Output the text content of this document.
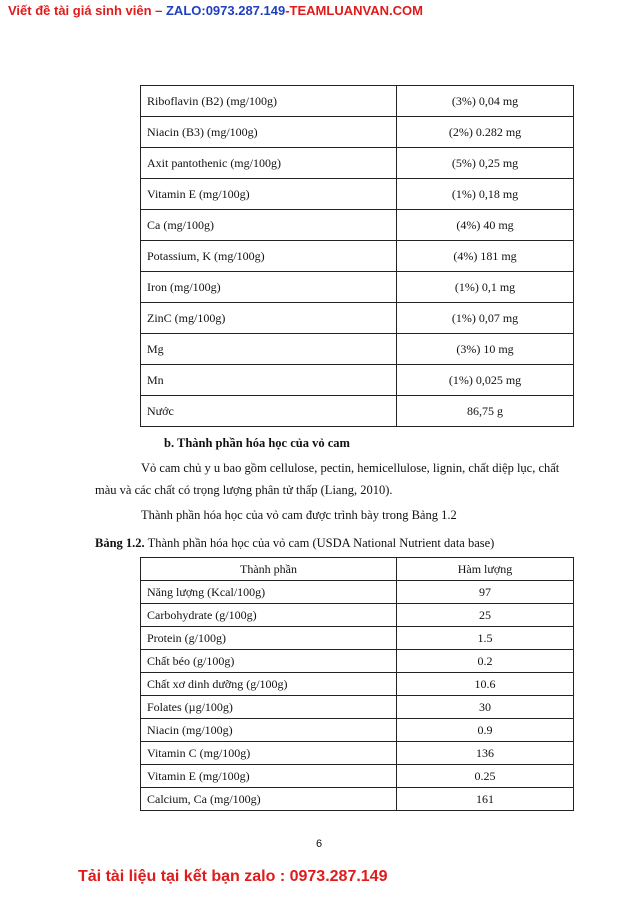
Viết đề tài giá sinh viên – ZALO:0973.287.149-TEAMLUANVAN.COM
Riboflavin (B2) (mg/100g)	(3%) 0,04 mg
Niacin (B3) (mg/100g)	(2%) 0.282 mg
Axit pantothenic (mg/100g)	(5%) 0,25 mg
Vitamin E (mg/100g)	(1%) 0,18 mg
Ca (mg/100g)	(4%) 40 mg
Potassium, K (mg/100g)	(4%) 181 mg
Iron (mg/100g)	(1%) 0,1 mg
ZinC (mg/100g)	(1%) 0,07 mg
Mg	(3%) 10 mg
Mn	(1%) 0,025 mg
Nước	86,75 g
b. Thành phần hóa học của vỏ cam
Vỏ cam chủ y u bao gồm cellulose, pectin, hemicellulose, lignin, chất diệp lục, chất
màu và các chất có trọng lượng phân tử thấp (Liang, 2010).
Thành phần hóa học của vỏ cam được trình bày trong Bảng 1.2
Bảng 1.2. Thành phần hóa học của vỏ cam (USDA National Nutrient data base)
Thành phần	Hàm lượng
Năng lượng (Kcal/100g)	97
Carbohydrate (g/100g)	25
Protein (g/100g)	1.5
Chất béo (g/100g)	0.2
Chất xơ dinh dưỡng (g/100g)	10.6
Folates (µg/100g)	30
Niacin (mg/100g)	0.9
Vitamin C (mg/100g)	136
Vitamin E (mg/100g)	0.25
Calcium, Ca (mg/100g)	161
6
Tải tài liệu tại kết bạn zalo : 0973.287.149
